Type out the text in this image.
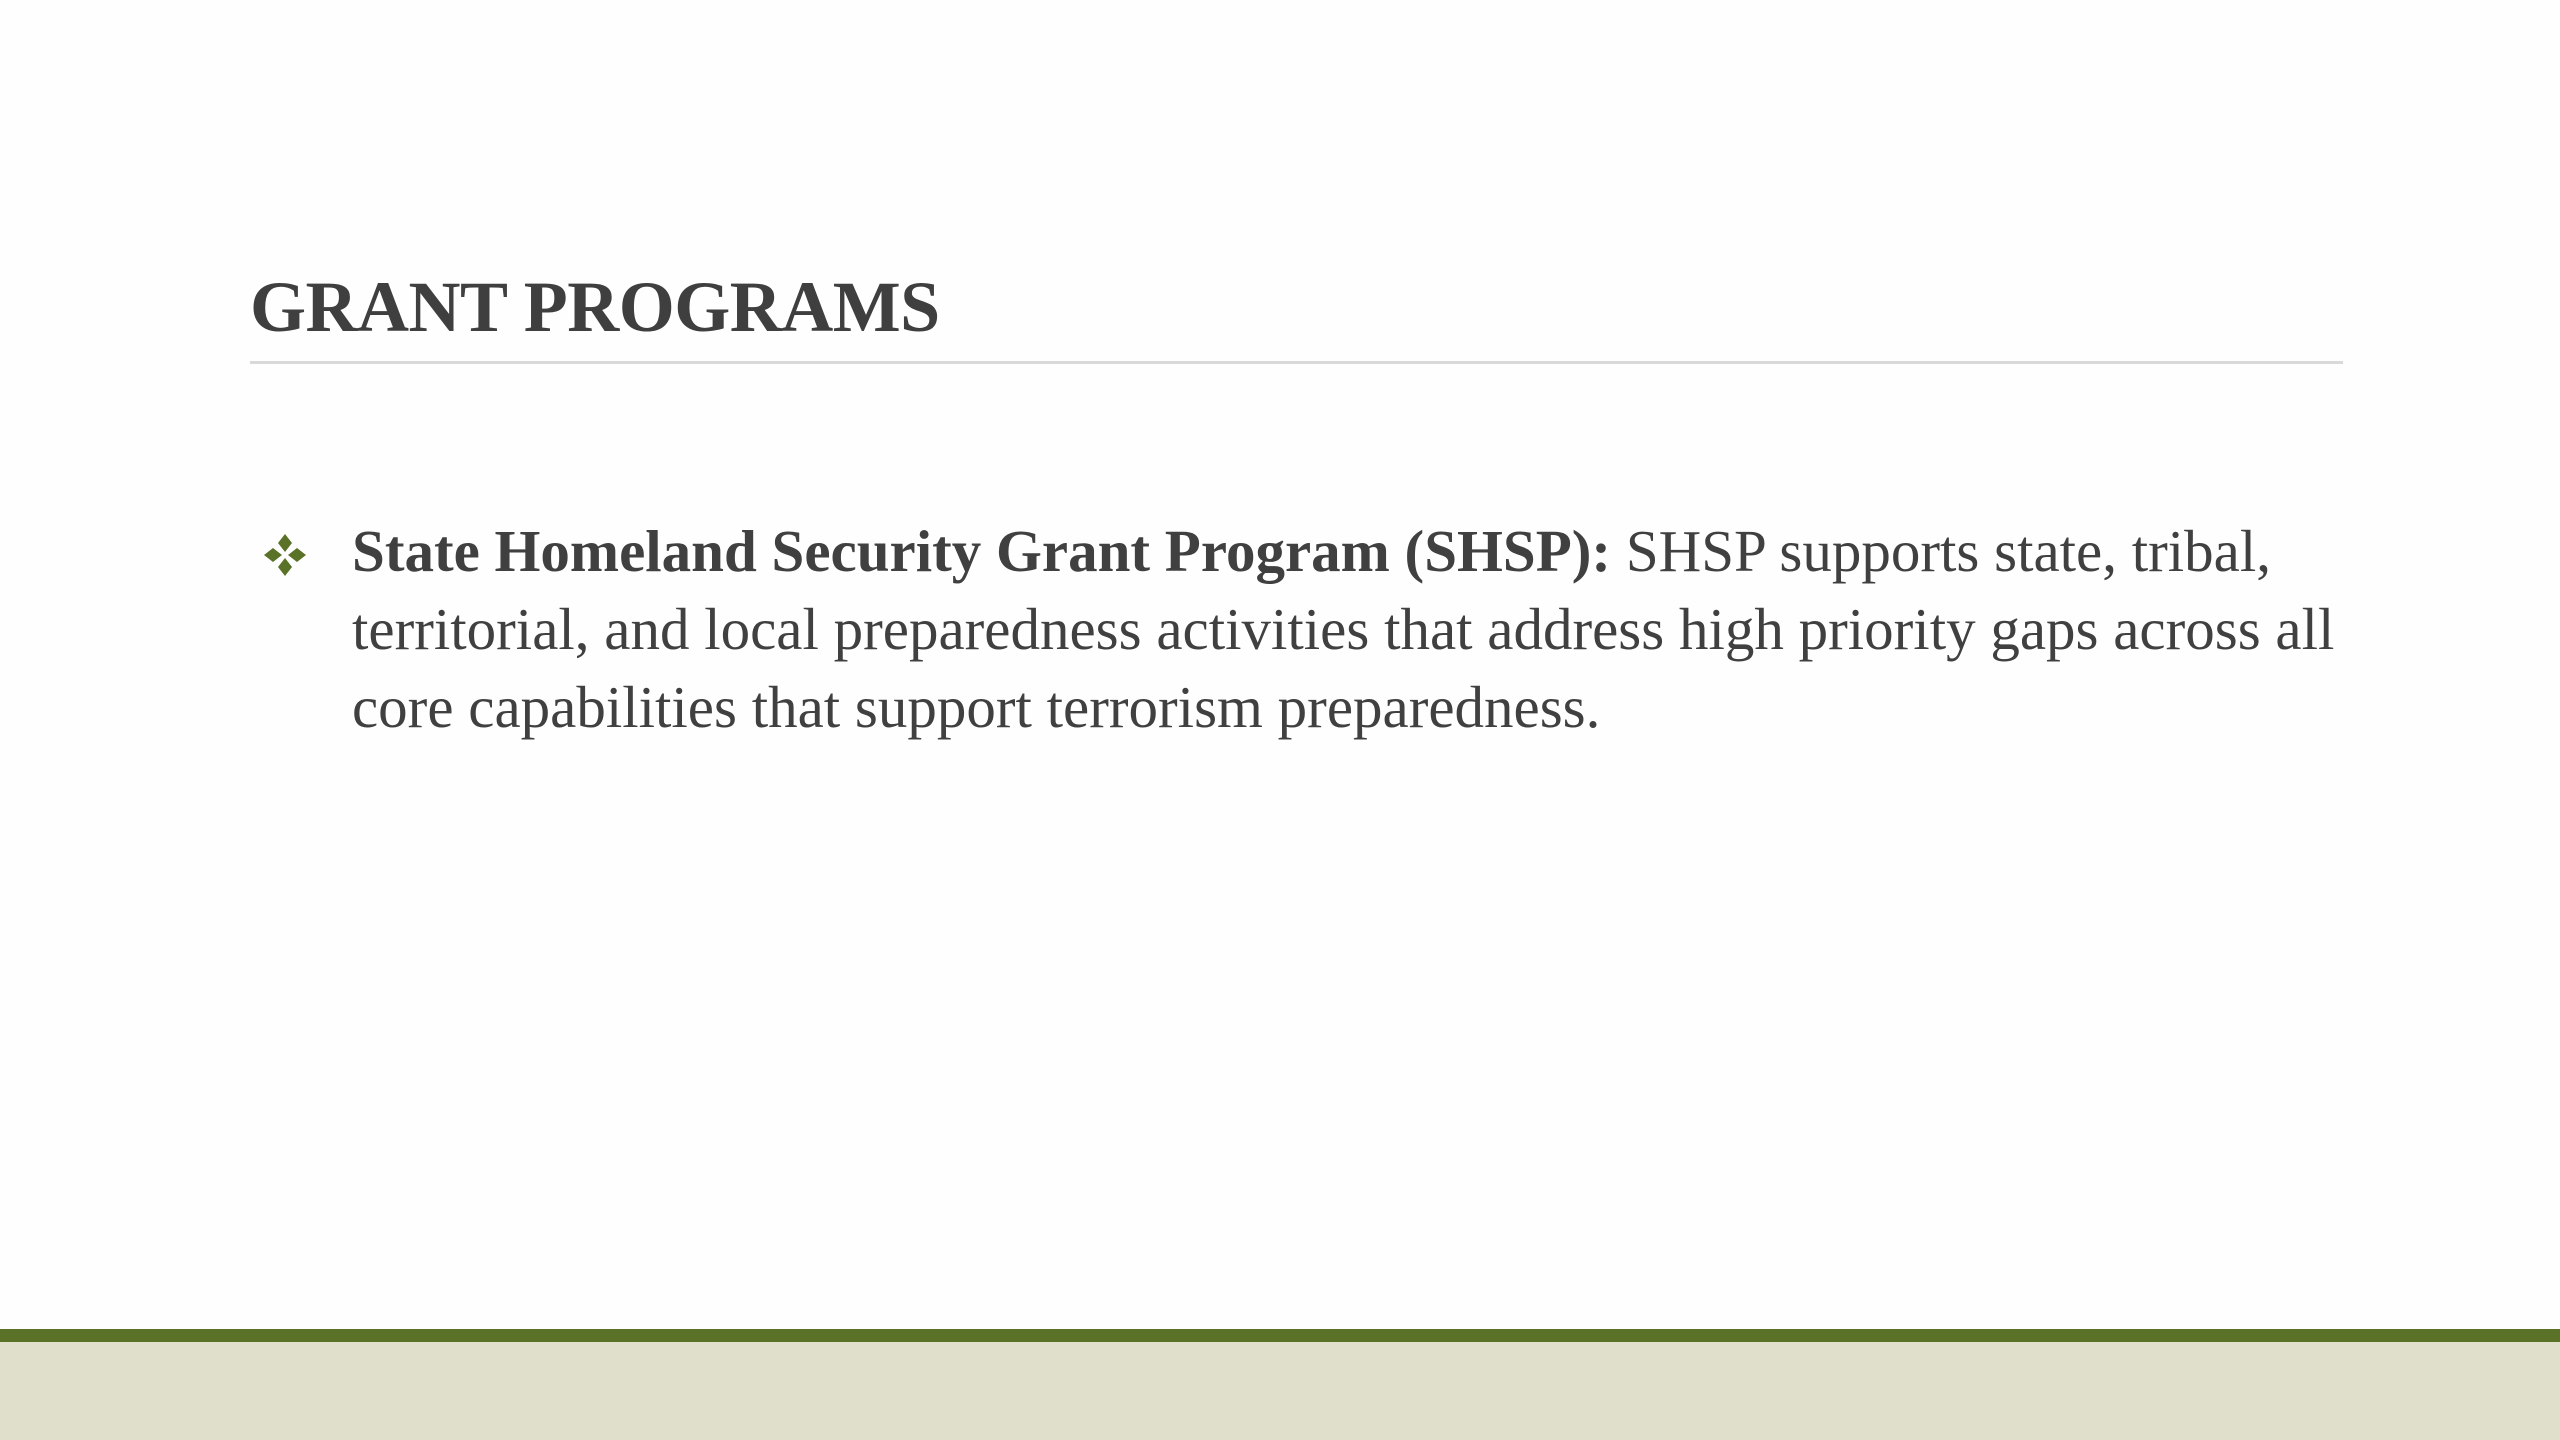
GRANT PROGRAMS
State Homeland Security Grant Program (SHSP): SHSP supports state, tribal, territorial, and local preparedness activities that address high priority gaps across all core capabilities that support terrorism preparedness.
